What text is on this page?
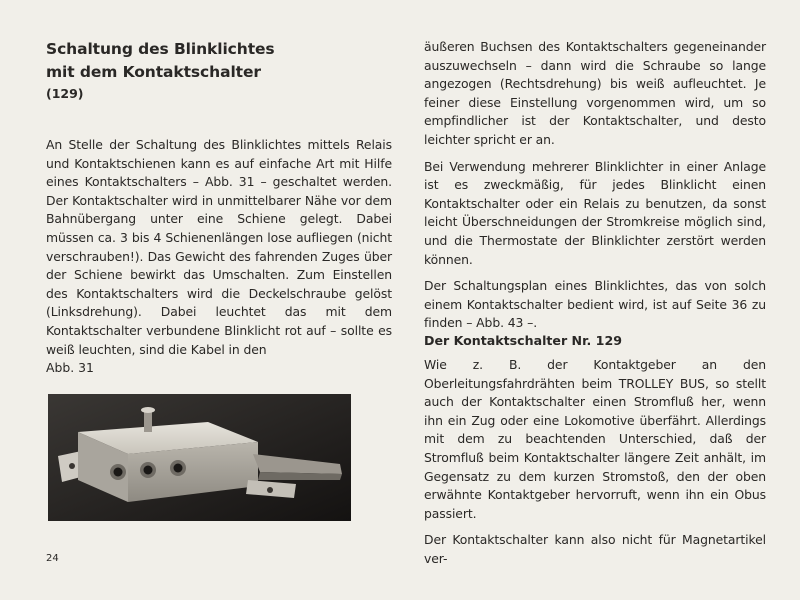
Schaltung des Blinklichtes
mit dem Kontaktschalter
(129)

An Stelle der Schaltung des Blinklichtes mittels Relais und Kontaktschienen kann es auf einfache Art mit Hilfe eines Kontaktschalters – Abb. 31 – geschaltet werden. Der Kontaktschalter wird in unmittelbarer Nähe vor dem Bahnübergang unter eine Schiene gelegt. Dabei müssen ca. 3 bis 4 Schienenlängen lose aufliegen (nicht verschrauben!). Das Gewicht des fahrenden Zuges über der Schiene bewirkt das Umschalten. Zum Einstellen des Kontaktschalters wird die Deckelschraube gelöst (Linksdrehung). Dabei leuchtet das mit dem Kontaktschalter verbundene Blinklicht rot auf – sollte es weiß leuchten, sind die Kabel in den

Abb. 31

äußeren Buchsen des Kontaktschalters gegeneinander auszuwechseln – dann wird die Schraube so lange angezogen (Rechtsdrehung) bis weiß aufleuchtet. Je feiner diese Einstellung vorgenommen wird, um so empfindlicher ist der Kontaktschalter, und desto leichter spricht er an.

Bei Verwendung mehrerer Blinklichter in einer Anlage ist es zweckmäßig, für jedes Blinklicht einen Kontaktschalter oder ein Relais zu benutzen, da sonst leicht Überschneidungen der Stromkreise möglich sind, und die Thermostate der Blinklichter zerstört werden können.

Der Schaltungsplan eines Blinklichtes, das von solch einem Kontaktschalter bedient wird, ist auf Seite 36 zu finden – Abb. 43 –.

Der Kontaktschalter Nr. 129

Wie z. B. der Kontaktgeber an den Oberleitungsfahrdrähten beim TROLLEY BUS, so stellt auch der Kontaktschalter einen Stromfluß her, wenn ihn ein Zug oder eine Lokomotive überfährt. Allerdings mit dem zu beachtenden Unterschied, daß der Stromfluß beim Kontaktschalter längere Zeit anhält, im Gegensatz zu dem kurzen Stromstoß, den der oben erwähnte Kontaktgeber hervorruft, wenn ihn ein Obus passiert.

Der Kontaktschalter kann also nicht für Magnetartikel ver-

24
